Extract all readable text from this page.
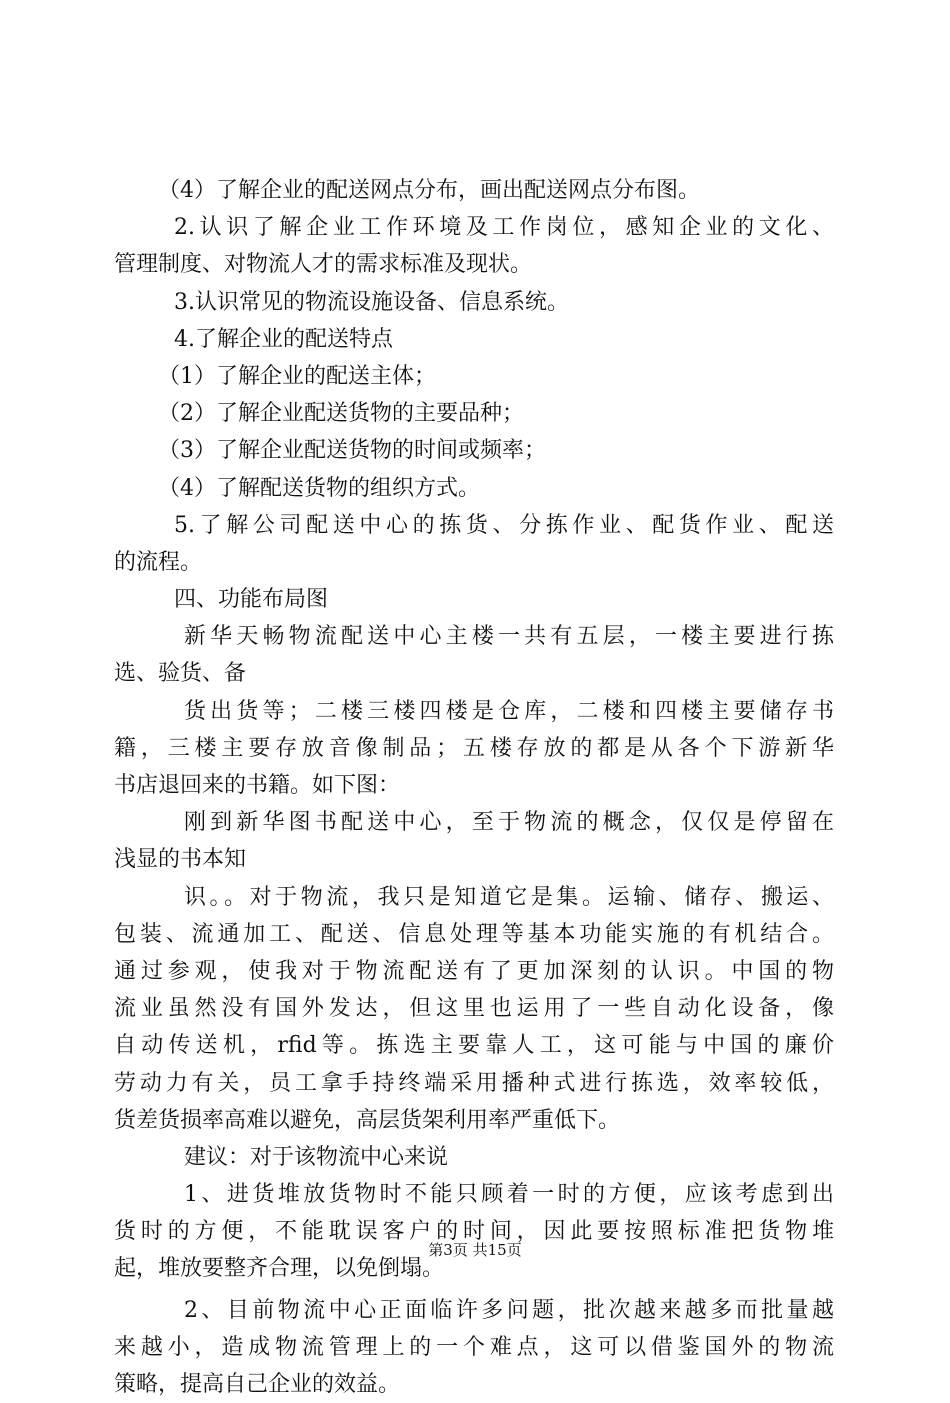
（4）了解企业的配送网点分布，画出配送网点分布图。
2.认识了解企业工作环境及工作岗位，感知企业的文化、
管理制度、对物流人才的需求标准及现状。
3.认识常见的物流设施设备、信息系统。
4.了解企业的配送特点
（1）了解企业的配送主体；
（2）了解企业配送货物的主要品种；
（3）了解企业配送货物的时间或频率；
（4）了解配送货物的组织方式。
5.了解公司配送中心的拣货、分拣作业、配货作业、配送
的流程。
四、功能布局图
新华天畅物流配送中心主楼一共有五层，一楼主要进行拣
选、验货、备
货出货等；二楼三楼四楼是仓库，二楼和四楼主要储存书
籍，三楼主要存放音像制品；五楼存放的都是从各个下游新华
书店退回来的书籍。如下图：
刚到新华图书配送中心，至于物流的概念，仅仅是停留在
浅显的书本知
识。。对于物流，我只是知道它是集。运输、储存、搬运、
包装、流通加工、配送、信息处理等基本功能实施的有机结合。
通过参观，使我对于物流配送有了更加深刻的认识。中国的物
流业虽然没有国外发达，但这里也运用了一些自动化设备，像
自动传送机，rfid等。拣选主要靠人工，这可能与中国的廉价
劳动力有关，员工拿手持终端采用播种式进行拣选，效率较低，
货差货损率高难以避免，高层货架利用率严重低下。
建议：对于该物流中心来说
1、进货堆放货物时不能只顾着一时的方便，应该考虑到出
货时的方便，不能耽误客户的时间，因此要按照标准把货物堆
起，堆放要整齐合理，以免倒塌。
2、目前物流中心正面临许多问题，批次越来越多而批量越
来越小，造成物流管理上的一个难点，这可以借鉴国外的物流
策略，提高自己企业的效益。
第3页 共15页
